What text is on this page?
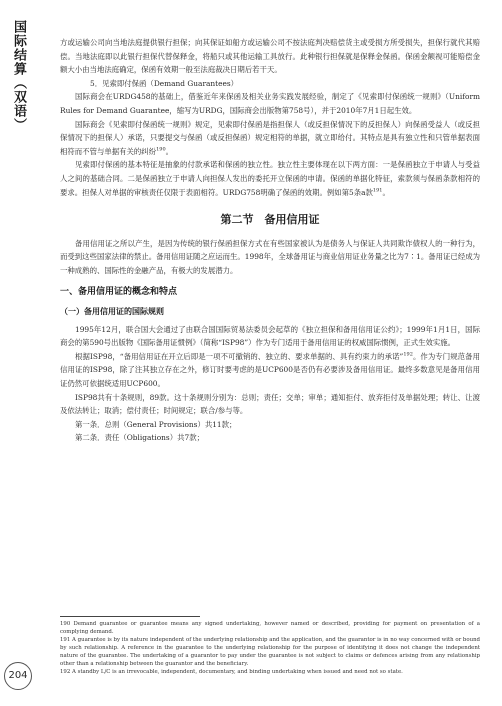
国际结算（双语）
204

方或运输公司向当地法庭提供银行担保；向其保证如船方或运输公司不按法庭判决赔偿货主或受损方所受损失，担保行就代其赔偿。当地法庭即以此银行担保代替保释金，将船只或其他运输工具放行。此种银行担保就是保释金保函。保函金额视可能赔偿金额大小由当地法庭确定，保函有效期一般至法庭裁决日期后若干天。

5．见索即付保函（Demand Guarantees）

国际商会在URDG458的基础上，借鉴近年来保函及相关业务实践发展经验，制定了《见索即付保函统一规则》（Uniform Rules for Demand Guarantee，缩写为URDG，国际商会出版物第758号），并于2010年7月1日起生效。

国际商会《见索即付保函统一规则》规定，见索即付保函是指担保人（或反担保情况下的反担保人）向保函受益人（或反担保情况下的担保人）承诺，只要提交与保函（或反担保函）规定相符的单据，就立即给付。其特点是具有独立性和只管单据表面相符而不管与单据有关的纠纷$^{190}$。

见索即付保函的基本特征是抽象的付款承诺和保函的独立性。独立性主要体现在以下两方面：一是保函独立于申请人与受益人之间的基础合同。二是保函独立于申请人向担保人发出的委托开立保函的申请。保函的单据化特征，索款须与保函条款相符的要求。担保人对单据的审核责任仅限于表面相符。URDG758明确了保函的效期。例如第5条a款$^{191}$。

第二节　备用信用证

备用信用证之所以产生，是因为传统的银行保函担保方式在有些国家被认为是债务人与保证人共同欺诈债权人的一种行为，而受到这些国家法律的禁止。备用信用证随之应运而生。1998年，全球备用证与商业信用证业务量之比为7∶1。备用证已经成为一种成熟的、国际性的金融产品，有极大的发展潜力。

一、备用信用证的概念和特点
（一）备用信用证的国际规则

1995年12月，联合国大会通过了由联合国国际贸易法委员会起草的《独立担保和备用信用证公约》；1999年1月1日，国际商会的第590号出版物《国际备用证惯例》（简称“ISP98”）作为专门适用于备用信用证的权威国际惯例，正式生效实施。

根据ISP98，“备用信用证在开立后即是一项不可撤销的、独立的、要求单据的、具有约束力的承诺”$^{192}$。作为专门规范备用信用证的ISP98，除了注其独立存在之外，修订时要考虑的是UCP600是否仍有必要涉及备用信用证。最终多数意见是备用信用证仍然可依据统适用UCP600。

ISP98共有十条规则，89款。这十条规则分别为：总则；责任；交单；审单；通知拒付、放弃拒付及单据处理；转让、让渡及依法转让；取消；偿付责任；时间规定；联合/参与等。

第一条．总则（General Provisions）共11款；

第二条．责任（Obligations）共7款；

190 Demand guarantee or guarantee means any signed undertaking, however named or described, providing for payment on presentation of a complying demand.

191 A guarantee is by its nature independent of the underlying relationship and the application, and the guarantor is in no way concerned with or bound by such relationship. A reference in the guarantee to the underlying relationship for the purpose of identifying it does not change the independent nature of the guarantee. The undertaking of a guarantor to pay under the guarantee is not subject to claims or defences arising from any relationship other than a relationship between the guarantor and the beneficiary.

192 A standby L/C is an irrevocable, independent, documentary, and binding undertaking when issued and need not so state.
